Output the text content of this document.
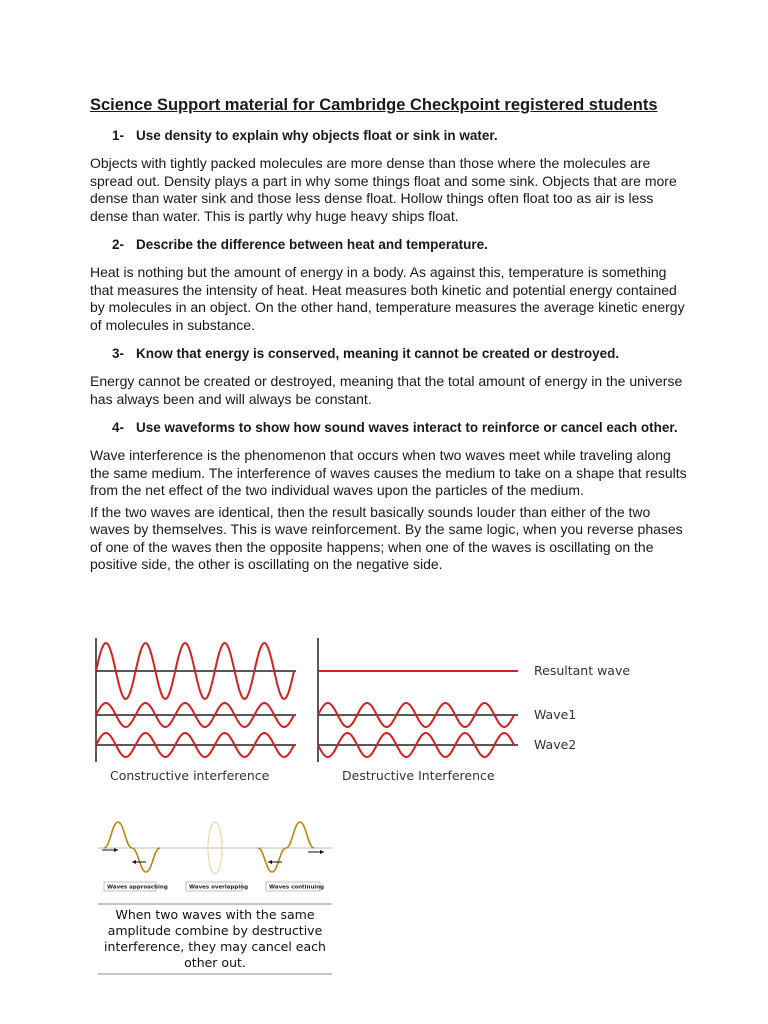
Science Support material for Cambridge Checkpoint registered students
1- Use density to explain why objects float or sink in water.
Objects with tightly packed molecules are more dense than those where the molecules are spread out. Density plays a part in why some things float and some sink. Objects that are more dense than water sink and those less dense float. Hollow things often float too as air is less dense than water. This is partly why huge heavy ships float.
2- Describe the difference between heat and temperature.
Heat is nothing but the amount of energy in a body. As against this, temperature is something that measures the intensity of heat. Heat measures both kinetic and potential energy contained by molecules in an object. On the other hand, temperature measures the average kinetic energy of molecules in substance.
3- Know that energy is conserved, meaning it cannot be created or destroyed.
Energy cannot be created or destroyed, meaning that the total amount of energy in the universe has always been and will always be constant.
4- Use waveforms to show how sound waves interact to reinforce or cancel each other.
Wave interference is the phenomenon that occurs when two waves meet while traveling along the same medium. The interference of waves causes the medium to take on a shape that results from the net effect of the two individual waves upon the particles of the medium.
If the two waves are identical, then the result basically sounds louder than either of the two waves by themselves. This is wave reinforcement. By the same logic, when you reverse phases of one of the waves then the opposite happens; when one of the waves is oscillating on the positive side, the other is oscillating on the negative side.
Constructive interference	Destructive Interference
Resultant wave
Wave1
Wave2
Waves approaching	Waves overlapping	Waves continuing
When two waves with the same
amplitude combine by destructive
interference, they may cancel each
other out.
